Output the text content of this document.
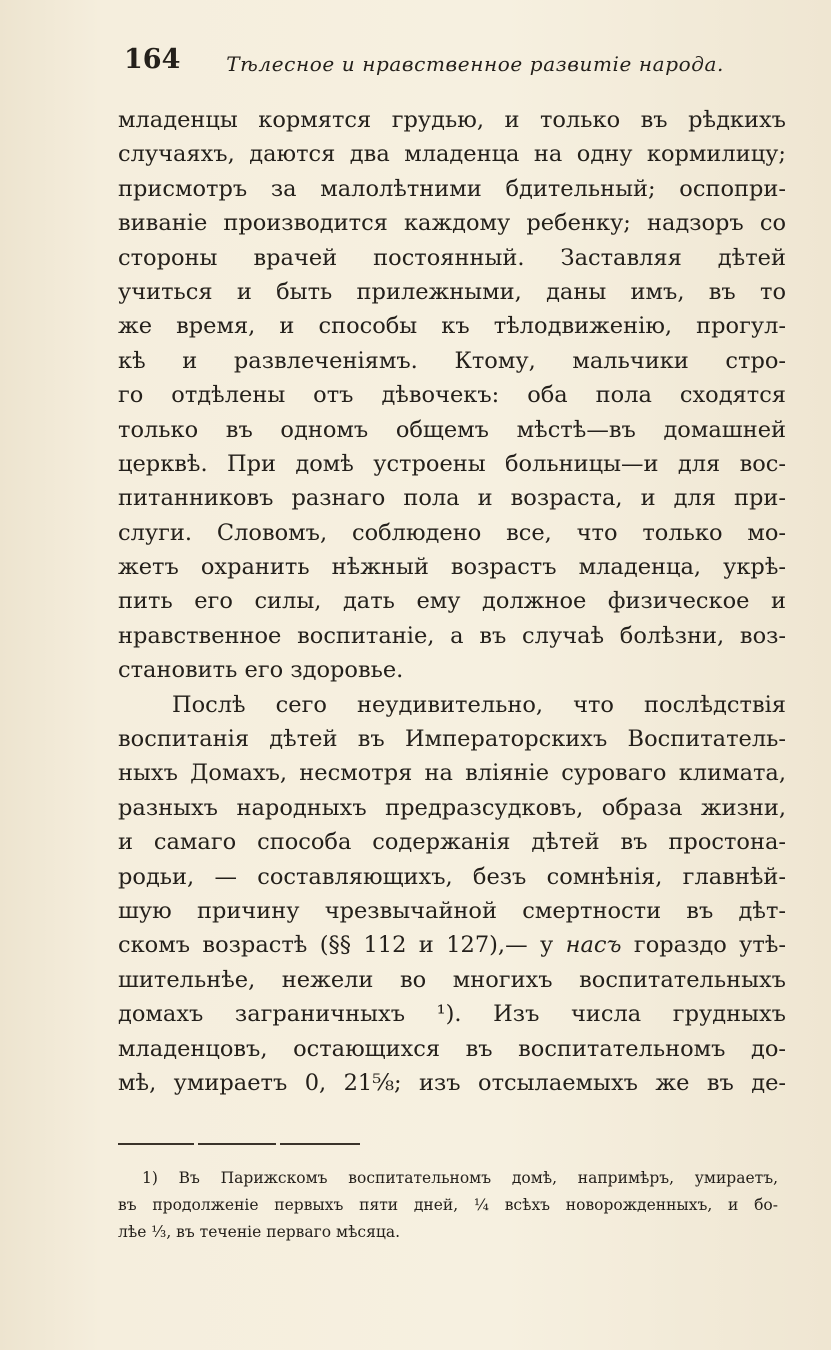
164 Тѣлесное и нравственное развитіе народа.
младенцы кормятся грудью, и только въ рѣдкихъ
случаяхъ, даются два младенца на одну кормилицу;
присмотръ за малолѣтними бдительный; оспопри-
виваніе производится каждому ребенку; надзоръ со
стороны врачей постоянный. Заставляя дѣтей
учиться и быть прилежными, даны имъ, въ то
же время, и способы къ тѣлодвиженію, прогул-
кѣ и развлеченіямъ. Ктому, мальчики стро-
го отдѣлены отъ дѣвочекъ: оба пола сходятся
только въ одномъ общемъ мѣстѣ—въ домашней
церквѣ. При домѣ устроены больницы—и для вос-
питанниковъ разнаго пола и возраста, и для при-
слуги. Словомъ, соблюдено все, что только мо-
жетъ охранить нѣжный возрастъ младенца, укрѣ-
пить его силы, дать ему должное физическое и
нравственное воспитаніе, а въ случаѣ болѣзни, воз-
становить его здоровье.
Послѣ сего неудивительно, что послѣдствія
воспитанія дѣтей въ Императорскихъ Воспитатель-
ныхъ Домахъ, несмотря на вліяніе суроваго климата,
разныхъ народныхъ предразсудковъ, образа жизни,
и самаго способа содержанія дѣтей въ простона-
родьи, — составляющихъ, безъ сомнѣнія, главнѣй-
шую причину чрезвычайной смертности въ дѣт-
скомъ возрастѣ (§§ 112 и 127),— у насъ гораздо утѣ-
шительнѣе, нежели во многихъ воспитательныхъ
домахъ заграничныхъ ¹). Изъ числа грудныхъ
младенцовъ, остающихся въ воспитательномъ до-
мѣ, умираетъ 0, 21⅝; изъ отсылаемыхъ же въ де-
1) Въ Парижскомъ воспитательномъ домѣ, напримѣръ, умираетъ,
въ продолженіе первыхъ пяти дней, ¼ всѣхъ новорожденныхъ, и бо-
лѣе ⅓, въ теченіе перваго мѣсяца.
